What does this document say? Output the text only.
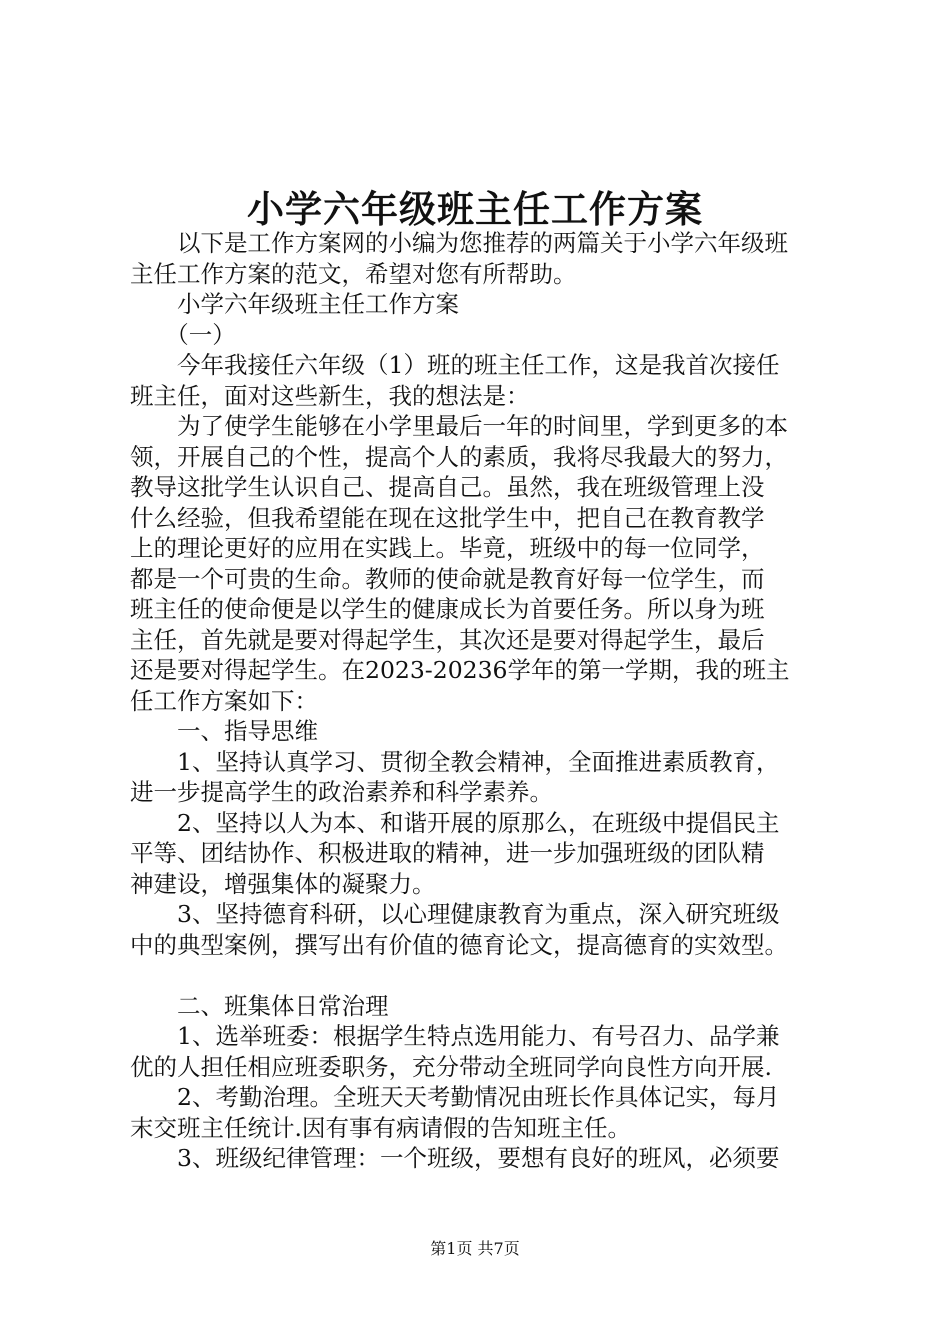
小学六年级班主任工作方案
　　以下是工作方案网的小编为您推荐的两篇关于小学六年级班
主任工作方案的范文，希望对您有所帮助。
　　小学六年级班主任工作方案
　　（一）
　　今年我接任六年级（1）班的班主任工作，这是我首次接任
班主任，面对这些新生，我的想法是：
　　为了使学生能够在小学里最后一年的时间里，学到更多的本
领，开展自己的个性，提高个人的素质，我将尽我最大的努力，
教导这批学生认识自己、提高自己。虽然，我在班级管理上没
什么经验，但我希望能在现在这批学生中，把自己在教育教学
上的理论更好的应用在实践上。毕竟，班级中的每一位同学，
都是一个可贵的生命。教师的使命就是教育好每一位学生，而
班主任的使命便是以学生的健康成长为首要任务。所以身为班
主任，首先就是要对得起学生，其次还是要对得起学生，最后
还是要对得起学生。在2023-20236学年的第一学期，我的班主
任工作方案如下：
　　一、指导思维
　　1、坚持认真学习、贯彻全教会精神，全面推进素质教育，
进一步提高学生的政治素养和科学素养。
　　2、坚持以人为本、和谐开展的原那么，在班级中提倡民主
平等、团结协作、积极进取的精神，进一步加强班级的团队精
神建设，增强集体的凝聚力。
　　3、坚持德育科研，以心理健康教育为重点，深入研究班级
中的典型案例，撰写出有价值的德育论文，提高德育的实效型。
　　二、班集体日常治理
　　1、选举班委：根据学生特点选用能力、有号召力、品学兼
优的人担任相应班委职务，充分带动全班同学向良性方向开展.
　　2、考勤治理。全班天天考勤情况由班长作具体记实，每月
末交班主任统计.因有事有病请假的告知班主任。
　　3、班级纪律管理：一个班级，要想有良好的班风，必须要
第1页 共7页
